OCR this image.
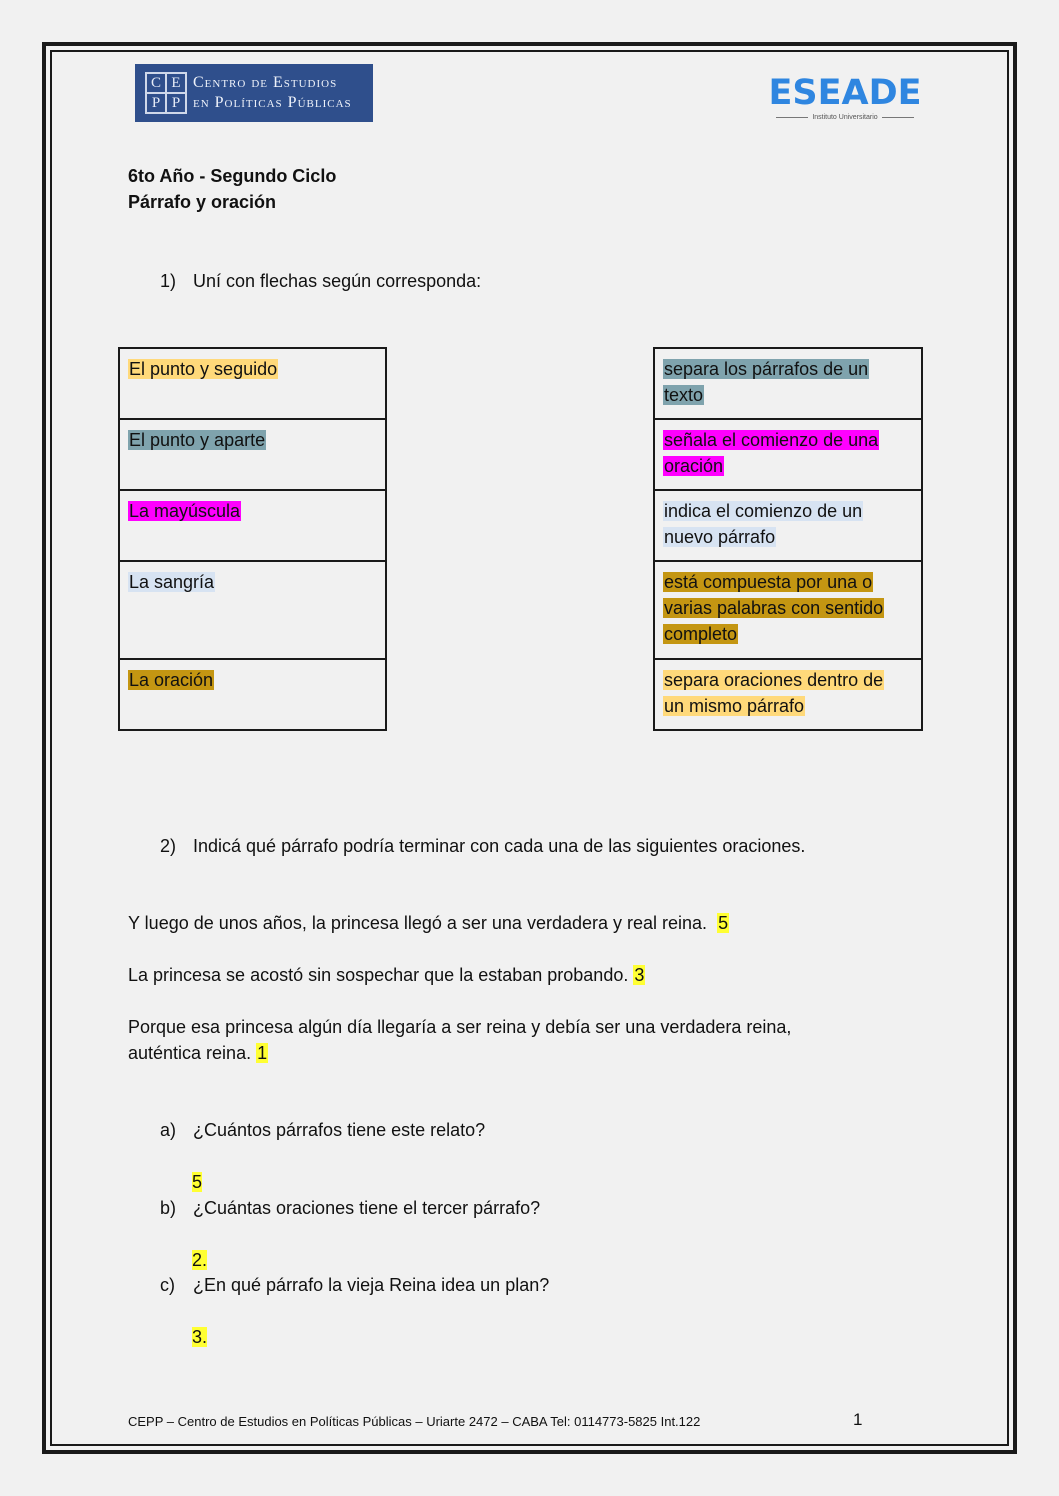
C E
P P
Centro de Estudios
en Políticas Públicas	ESEADE
Instituto Universitario
6to Año - Segundo Ciclo
Párrafo y oración
1) Uní con flechas según corresponda:
El punto y seguido
El punto y aparte
La mayúscula
La sangría
La oración
separa los párrafos de un
texto
señala el comienzo de una
oración
indica el comienzo de un
nuevo párrafo
está compuesta por una o
varias palabras con sentido
completo
separa oraciones dentro de
un mismo párrafo
2) Indicá qué párrafo podría terminar con cada una de las siguientes oraciones.
Y luego de unos años, la princesa llegó a ser una verdadera y real reina. 5
La princesa se acostó sin sospechar que la estaban probando. 3
Porque esa princesa algún día llegaría a ser reina y debía ser una verdadera reina,
auténtica reina. 1
a) ¿Cuántos párrafos tiene este relato?
5
b) ¿Cuántas oraciones tiene el tercer párrafo?
2.
c) ¿En qué párrafo la vieja Reina idea un plan?
3.
CEPP – Centro de Estudios en Políticas Públicas – Uriarte 2472 – CABA Tel: 0114773-5825 Int.122	1
